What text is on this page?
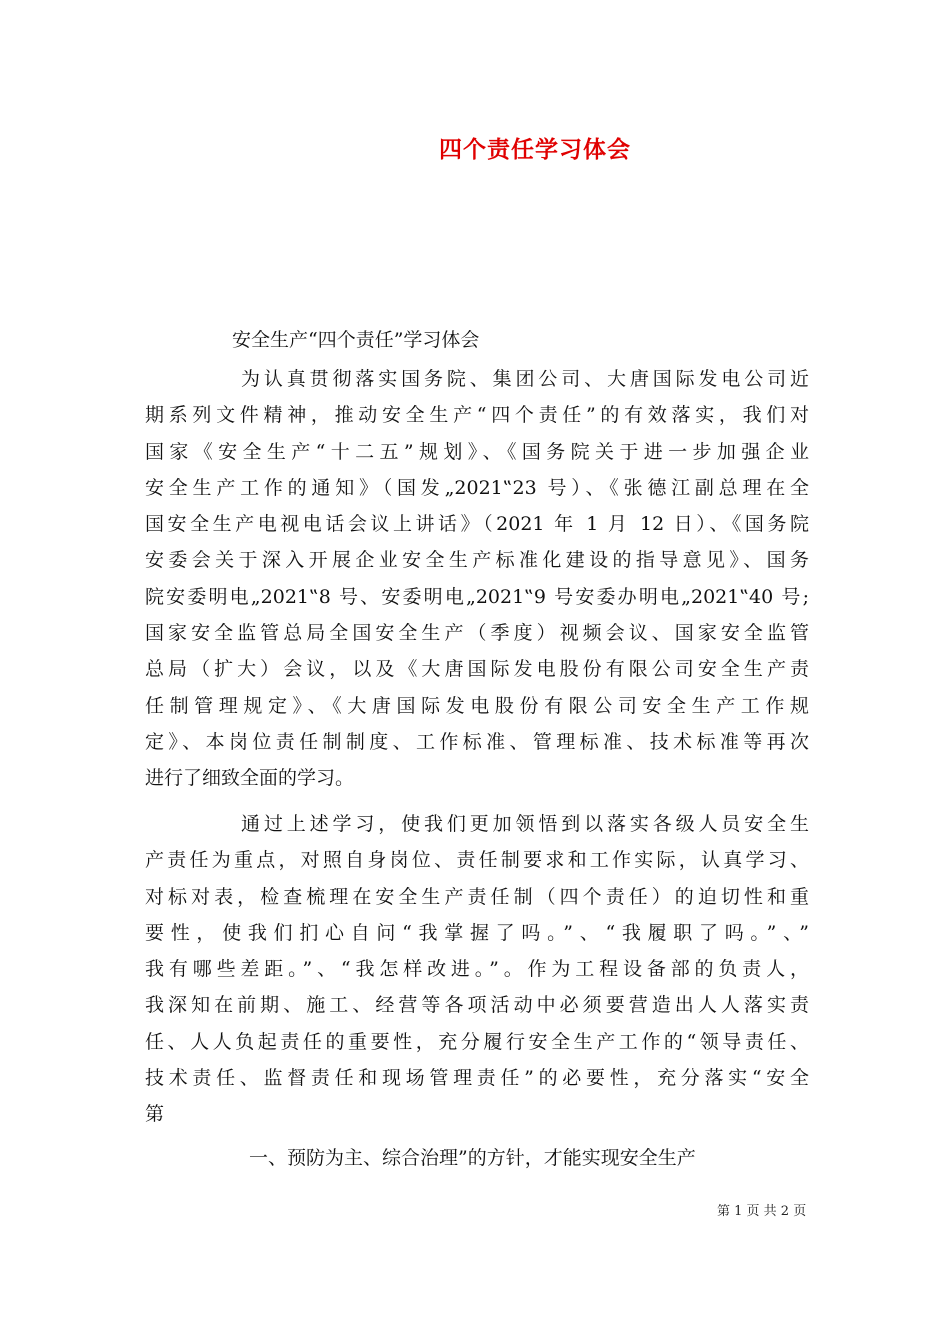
四个责任学习体会
安全生产“四个责任”学习体会
为认真贯彻落实国务院、集团公司、大唐国际发电公司近
期系列文件精神，推动安全生产“四个责任”的有效落实，我们对
国家《安全生产“十二五”规划》、《国务院关于进一步加强企业
安全生产工作的通知》（国发„2021‟23 号）、《张德江副总理在全
国安全生产电视电话会议上讲话》（2021 年 1 月 12 日）、《国务院
安委会关于深入开展企业安全生产标准化建设的指导意见》、国务
院安委明电„2021‟8 号、安委明电„2021‟9 号安委办明电„2021‟40 号;
国家安全监管总局全国安全生产（季度）视频会议、国家安全监管
总局（扩大）会议，以及《大唐国际发电股份有限公司安全生产责
任制管理规定》、《大唐国际发电股份有限公司安全生产工作规
定》、本岗位责任制制度、工作标准、管理标准、技术标准等再次
进行了细致全面的学习。
通过上述学习，使我们更加领悟到以落实各级人员安全生
产责任为重点，对照自身岗位、责任制要求和工作实际，认真学习、
对标对表，检查梳理在安全生产责任制（四个责任）的迫切性和重
要性，使我们扪心自问“我掌握了吗。”、“我履职了吗。”、”
我有哪些差距。”、“我怎样改进。”。作为工程设备部的负责人，
我深知在前期、施工、经营等各项活动中必须要营造出人人落实责
任、人人负起责任的重要性，充分履行安全生产工作的“领导责任、
技术责任、监督责任和现场管理责任”的必要性，充分落实“安全
第
一、预防为主、综合治理”的方针，才能实现安全生产
第 1 页 共 2 页
